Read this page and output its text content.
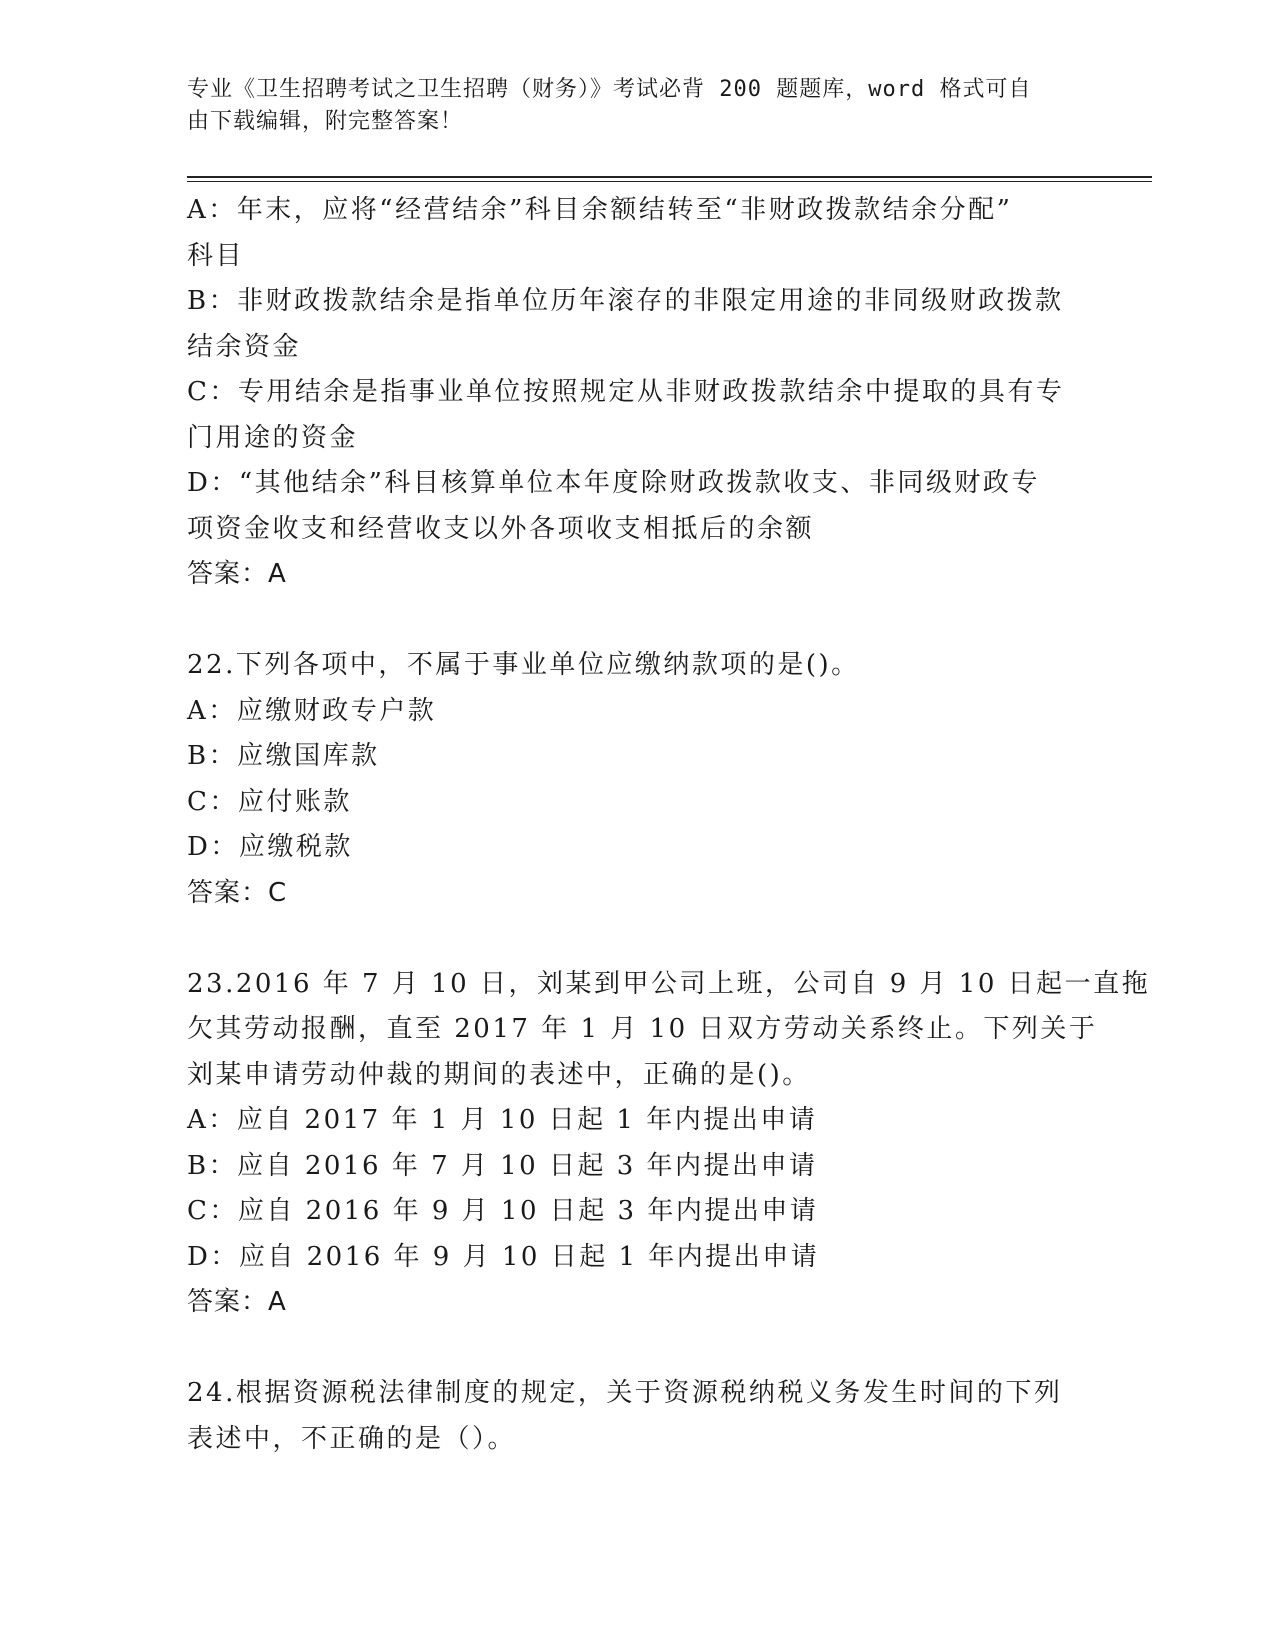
专业《卫生招聘考试之卫生招聘（财务）》考试必背 200 题题库，word 格式可自
由下载编辑，附完整答案！
A：年末，应将“经营结余”科目余额结转至“非财政拨款结余分配”
科目
B：非财政拨款结余是指单位历年滚存的非限定用途的非同级财政拨款
结余资金
C：专用结余是指事业单位按照规定从非财政拨款结余中提取的具有专
门用途的资金
D：“其他结余”科目核算单位本年度除财政拨款收支、非同级财政专
项资金收支和经营收支以外各项收支相抵后的余额
答案：A
22.下列各项中，不属于事业单位应缴纳款项的是()。
A：应缴财政专户款
B：应缴国库款
C：应付账款
D：应缴税款
答案：C
23.2016 年 7 月 10 日，刘某到甲公司上班，公司自 9 月 10 日起一直拖
欠其劳动报酬，直至 2017 年 1 月 10 日双方劳动关系终止。下列关于
刘某申请劳动仲裁的期间的表述中，正确的是()。
A：应自 2017 年 1 月 10 日起 1 年内提出申请
B：应自 2016 年 7 月 10 日起 3 年内提出申请
C：应自 2016 年 9 月 10 日起 3 年内提出申请
D：应自 2016 年 9 月 10 日起 1 年内提出申请
答案：A
24.根据资源税法律制度的规定，关于资源税纳税义务发生时间的下列
表述中，不正确的是（）。
